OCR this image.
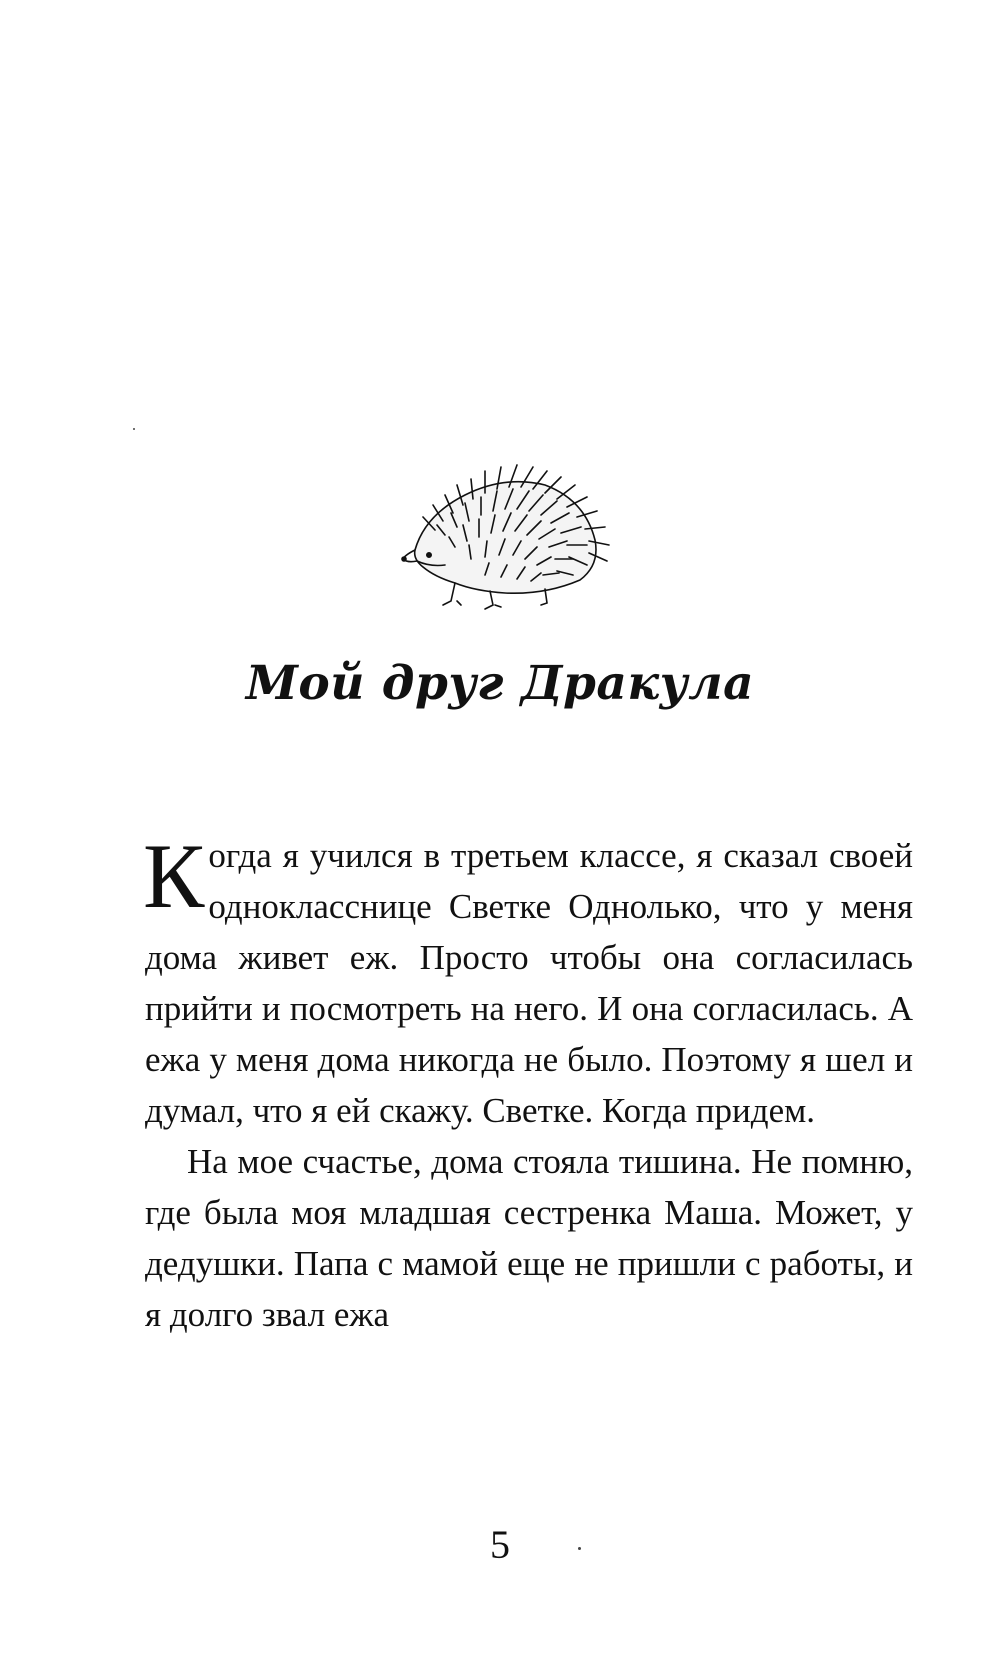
Мой друг Дракула

Когда я учился в третьем классе, я сказал своей однокласснице Светке Однолько, что у меня дома живет еж. Просто чтобы она согласилась прийти и посмотреть на него. И она согласилась. А ежа у меня дома никогда не было. Поэтому я шел и думал, что я ей скажу. Светке. Когда придем.

На мое счастье, дома стояла тишина. Не помню, где была моя младшая сестренка Маша. Может, у дедушки. Папа с мамой еще не пришли с работы, и я долго звал ежа

5
